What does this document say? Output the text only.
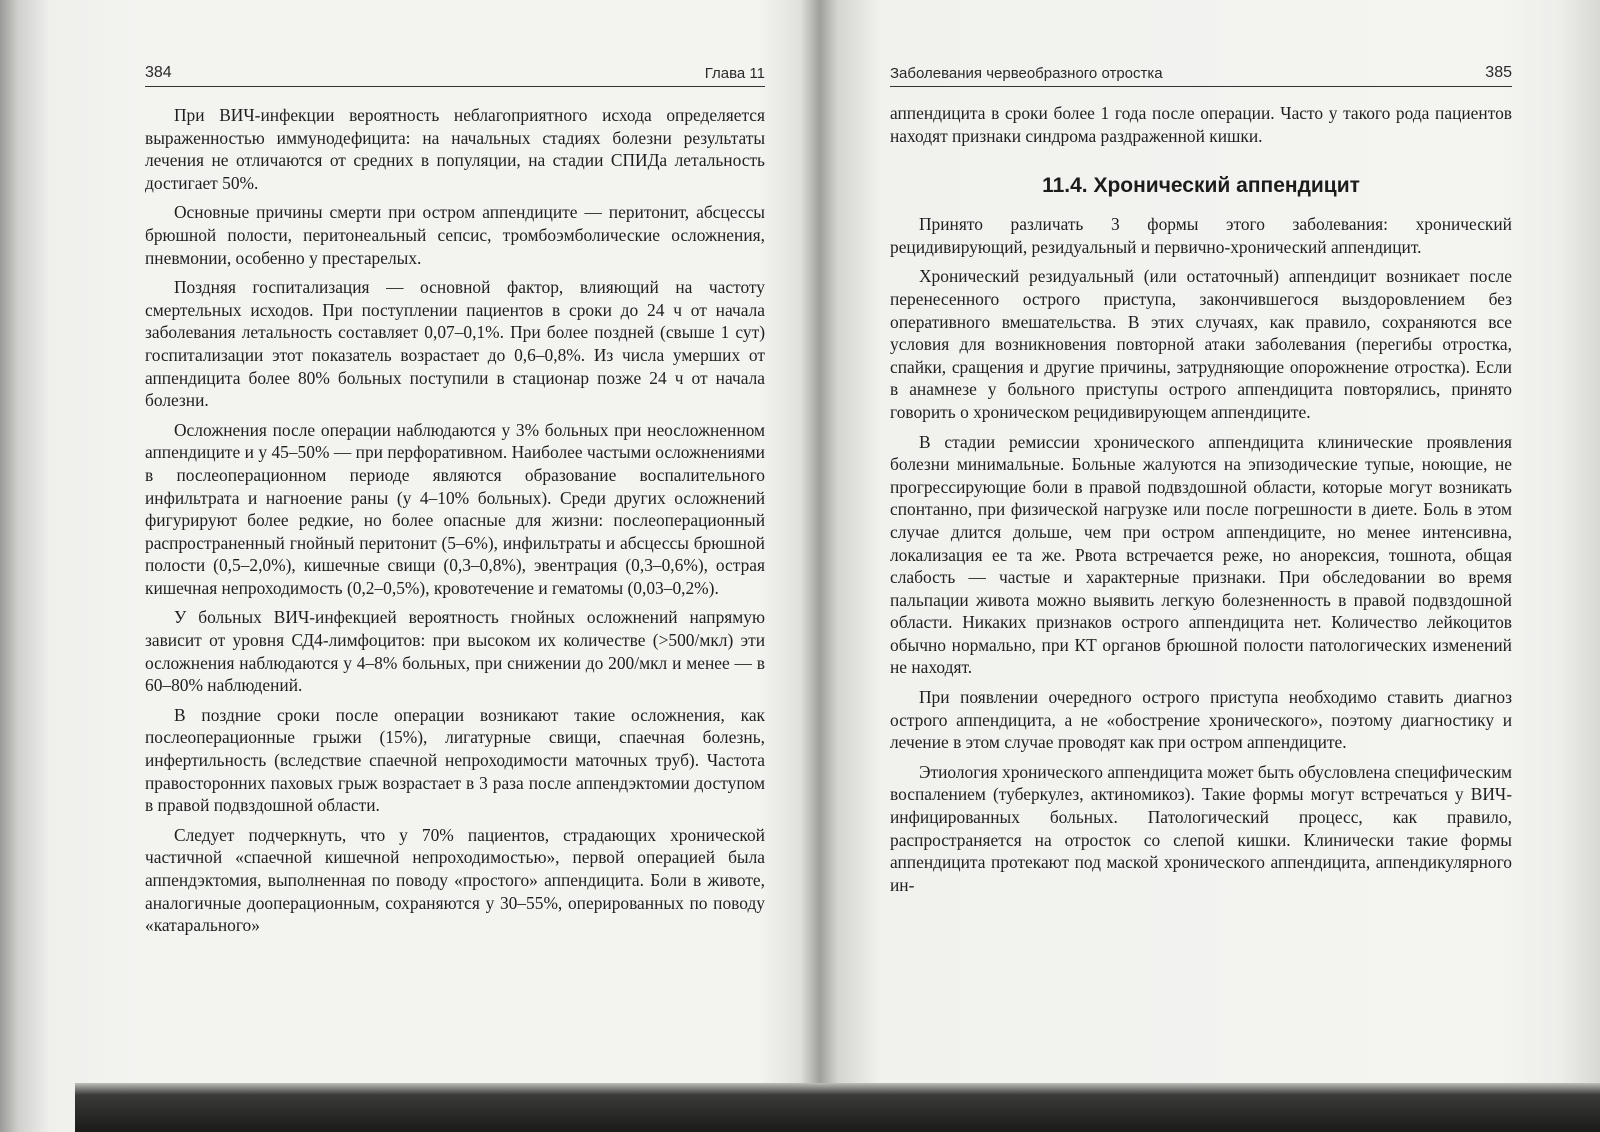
384	Глава 11

При ВИЧ-инфекции вероятность неблагоприятного исхода определяется выраженностью иммунодефицита: на начальных стадиях болезни результаты лечения не отличаются от средних в популяции, на стадии СПИДа летальность достигает 50%.

Основные причины смерти при остром аппендиците — перитонит, абсцессы брюшной полости, перитонеальный сепсис, тромбоэмболические осложнения, пневмонии, особенно у престарелых.

Поздняя госпитализация — основной фактор, влияющий на частоту смертельных исходов. При поступлении пациентов в сроки до 24 ч от начала заболевания летальность составляет 0,07–0,1%. При более поздней (свыше 1 сут) госпитализации этот показатель возрастает до 0,6–0,8%. Из числа умерших от аппендицита более 80% больных поступили в стационар позже 24 ч от начала болезни.

Осложнения после операции наблюдаются у 3% больных при неосложненном аппендиците и у 45–50% — при перфоративном. Наиболее частыми осложнениями в послеоперационном периоде являются образование воспалительного инфильтрата и нагноение раны (у 4–10% больных). Среди других осложнений фигурируют более редкие, но более опасные для жизни: послеоперационный распространенный гнойный перитонит (5–6%), инфильтраты и абсцессы брюшной полости (0,5–2,0%), кишечные свищи (0,3–0,8%), эвентрация (0,3–0,6%), острая кишечная непроходимость (0,2–0,5%), кровотечение и гематомы (0,03–0,2%).

У больных ВИЧ-инфекцией вероятность гнойных осложнений напрямую зависит от уровня СД4-лимфоцитов: при высоком их количестве (>500/мкл) эти осложнения наблюдаются у 4–8% больных, при снижении до 200/мкл и менее — в 60–80% наблюдений.

В поздние сроки после операции возникают такие осложнения, как послеоперационные грыжи (15%), лигатурные свищи, спаечная болезнь, инфертильность (вследствие спаечной непроходимости маточных труб). Частота правосторонних паховых грыж возрастает в 3 раза после аппендэктомии доступом в правой подвздошной области.

Следует подчеркнуть, что у 70% пациентов, страдающих хронической частичной «спаечной кишечной непроходимостью», первой операцией была аппендэктомия, выполненная по поводу «простого» аппендицита. Боли в животе, аналогичные дооперационным, сохраняются у 30–55%, оперированных по поводу «катарального»

Заболевания червеобразного отростка	385

аппендицита в сроки более 1 года после операции. Часто у такого рода пациентов находят признаки синдрома раздраженной кишки.

11.4. Хронический аппендицит

Принято различать 3 формы этого заболевания: хронический рецидивирующий, резидуальный и первично-хронический аппендицит.

Хронический резидуальный (или остаточный) аппендицит возникает после перенесенного острого приступа, закончившегося выздоровлением без оперативного вмешательства. В этих случаях, как правило, сохраняются все условия для возникновения повторной атаки заболевания (перегибы отростка, спайки, сращения и другие причины, затрудняющие опорожнение отростка). Если в анамнезе у больного приступы острого аппендицита повторялись, принято говорить о хроническом рецидивирующем аппендиците.

В стадии ремиссии хронического аппендицита клинические проявления болезни минимальные. Больные жалуются на эпизодические тупые, ноющие, не прогрессирующие боли в правой подвздошной области, которые могут возникать спонтанно, при физической нагрузке или после погрешности в диете. Боль в этом случае длится дольше, чем при остром аппендиците, но менее интенсивна, локализация ее та же. Рвота встречается реже, но анорексия, тошнота, общая слабость — частые и характерные признаки. При обследовании во время пальпации живота можно выявить легкую болезненность в правой подвздошной области. Никаких признаков острого аппендицита нет. Количество лейкоцитов обычно нормально, при КТ органов брюшной полости патологических изменений не находят.

При появлении очередного острого приступа необходимо ставить диагноз острого аппендицита, а не «обострение хронического», поэтому диагностику и лечение в этом случае проводят как при остром аппендиците.

Этиология хронического аппендицита может быть обусловлена специфическим воспалением (туберкулез, актиномикоз). Такие формы могут встречаться у ВИЧ-инфицированных больных. Патологический процесс, как правило, распространяется на отросток со слепой кишки. Клинически такие формы аппендицита протекают под маской хронического аппендицита, аппендикулярного ин-
